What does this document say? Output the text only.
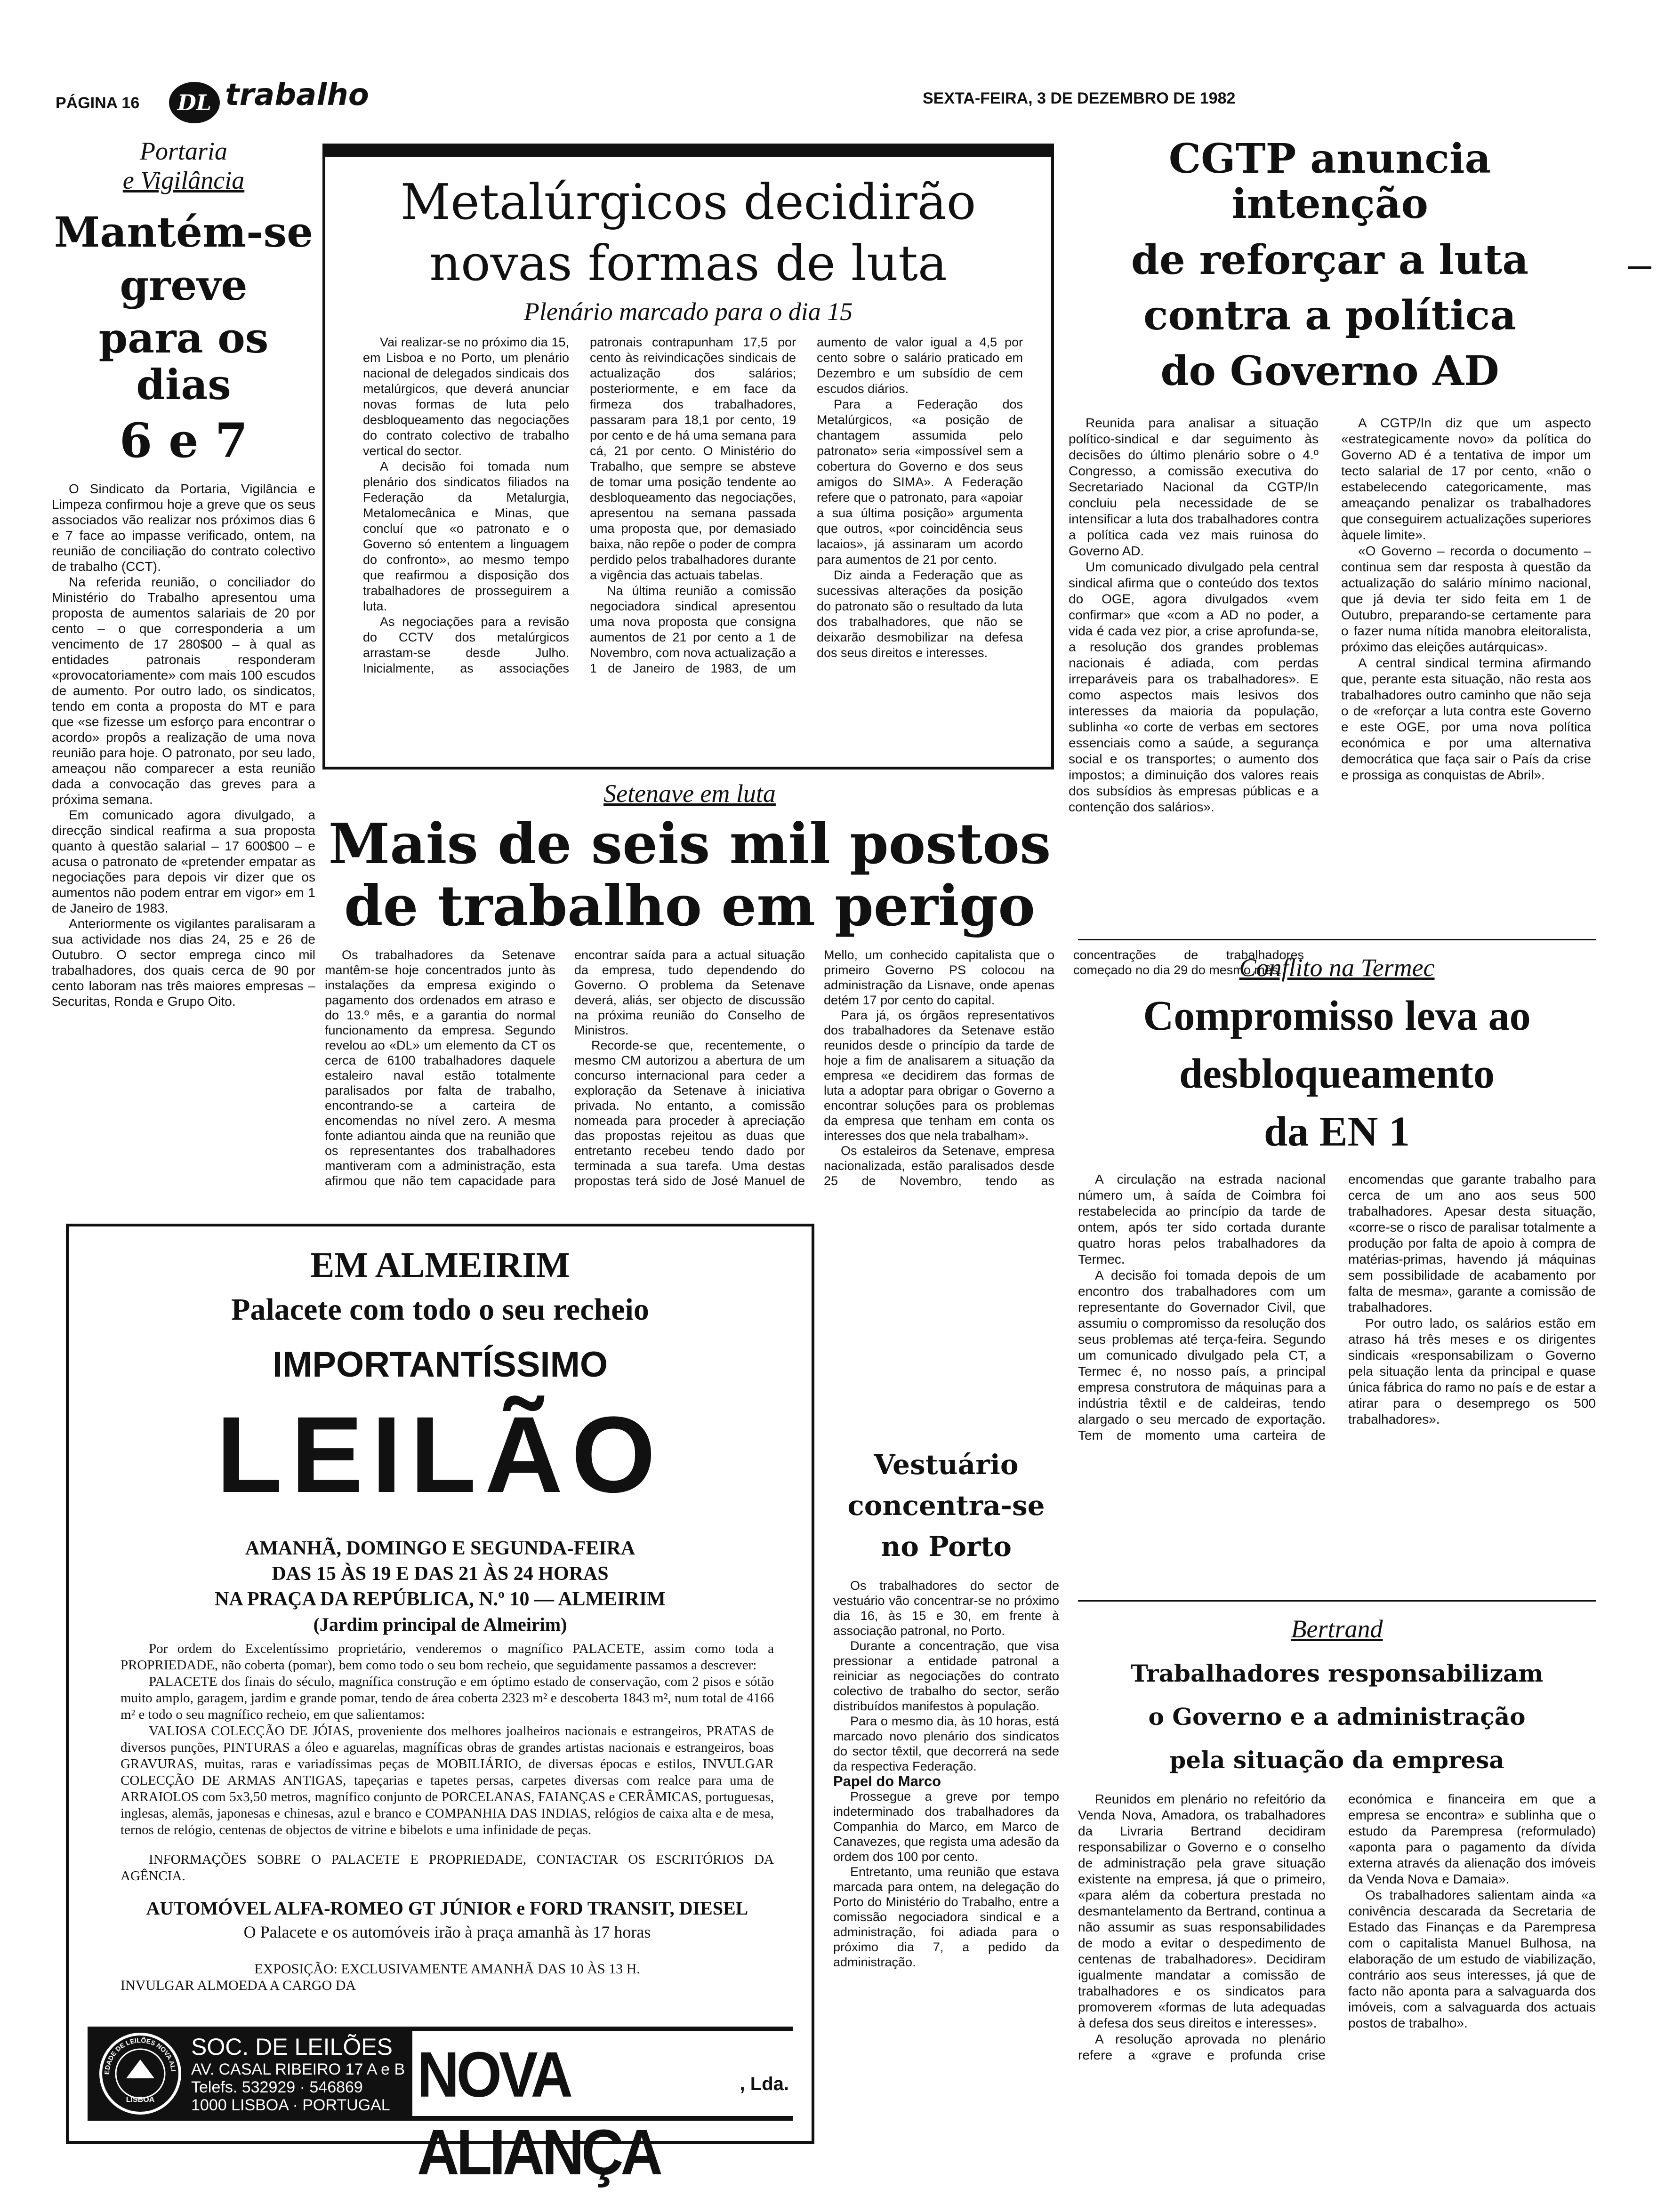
PÁGINA 16 DL trabalho	SEXTA-FEIRA, 3 DE DEZEMBRO DE 1982
Portaria
e Vigilância
Mantém-se
greve
para os dias
6 e 7

O Sindicato da Portaria, Vigilância e Limpeza confirmou hoje a greve que os seus associados vão realizar nos próximos dias 6 e 7 face ao impasse verificado, ontem, na reunião de conciliação do contrato colectivo de trabalho (CCT).

Na referida reunião, o conciliador do Ministério do Trabalho apresentou uma proposta de aumentos salariais de 20 por cento – o que corresponderia a um vencimento de 17 280$00 – à qual as entidades patronais responderam «provocatoriamente» com mais 100 escudos de aumento. Por outro lado, os sindicatos, tendo em conta a proposta do MT e para que «se fizesse um esforço para encontrar o acordo» propôs a realização de uma nova reunião para hoje. O patronato, por seu lado, ameaçou não comparecer a esta reunião dada a convocação das greves para a próxima semana.

Em comunicado agora divulgado, a direcção sindical reafirma a sua proposta quanto à questão salarial – 17 600$00 – e acusa o patronato de «pretender empatar as negociações para depois vir dizer que os aumentos não podem entrar em vigor» em 1 de Janeiro de 1983.

Anteriormente os vigilantes paralisaram a sua actividade nos dias 24, 25 e 26 de Outubro. O sector emprega cinco mil trabalhadores, dos quais cerca de 90 por cento laboram nas três maiores empresas – Securitas, Ronda e Grupo Oito.

Metalúrgicos decidirão
novas formas de luta
Plenário marcado para o dia 15

Vai realizar-se no próximo dia 15, em Lisboa e no Porto, um plenário nacional de delegados sindicais dos metalúrgicos, que deverá anunciar novas formas de luta pelo desbloqueamento das negociações do contrato colectivo de trabalho vertical do sector.

A decisão foi tomada num plenário dos sindicatos filiados na Federação da Metalurgia, Metalomecânica e Minas, que concluí que «o patronato e o Governo só ententem a linguagem do confronto», ao mesmo tempo que reafirmou a disposição dos trabalhadores de prosseguirem a luta.

As negociações para a revisão do CCTV dos metalúrgicos arrastam-se desde Julho. Inicialmente, as associações patronais contrapunham 17,5 por cento às reivindicações sindicais de actualização dos salários; posteriormente, e em face da firmeza dos trabalhadores, passaram para 18,1 por cento, 19 por cento e de há uma semana para cá, 21 por cento. O Ministério do Trabalho, que sempre se absteve de tomar uma posição tendente ao desbloqueamento das negociações, apresentou na semana passada uma proposta que, por demasiado baixa, não repõe o poder de compra perdido pelos trabalhadores durante a vigência das actuais tabelas.

Na última reunião a comissão negociadora sindical apresentou uma nova proposta que consigna aumentos de 21 por cento a 1 de Novembro, com nova actualização a 1 de Janeiro de 1983, de um aumento de valor igual a 4,5 por cento sobre o salário praticado em Dezembro e um subsídio de cem escudos diários.

Para a Federação dos Metalúrgicos, «a posição de chantagem assumida pelo patronato» seria «impossível sem a cobertura do Governo e dos seus amigos do SIMA». A Federação refere que o patronato, para «apoiar a sua última posição» argumenta que outros, «por coincidência seus lacaios», já assinaram um acordo para aumentos de 21 por cento.

Diz ainda a Federação que as sucessivas alterações da posição do patronato são o resultado da luta dos trabalhadores, que não se deixarão desmobilizar na defesa dos seus direitos e interesses.

CGTP anuncia intenção
de reforçar a luta
contra a política
do Governo AD

Reunida para analisar a situação político-sindical e dar seguimento às decisões do último plenário sobre o 4.º Congresso, a comissão executiva do Secretariado Nacional da CGTP/In concluiu pela necessidade de se intensificar a luta dos trabalhadores contra a política cada vez mais ruinosa do Governo AD.

Um comunicado divulgado pela central sindical afirma que o conteúdo dos textos do OGE, agora divulgados «vem confirmar» que «com a AD no poder, a vida é cada vez pior, a crise aprofunda-se, a resolução dos grandes problemas nacionais é adiada, com perdas irreparáveis para os trabalhadores». E como aspectos mais lesivos dos interesses da maioria da população, sublinha «o corte de verbas em sectores essenciais como a saúde, a segurança social e os transportes; o aumento dos impostos; a diminuição dos valores reais dos subsídios às empresas públicas e a contenção dos salários».

A CGTP/In diz que um aspecto «estrategicamente novo» da política do Governo AD é a tentativa de impor um tecto salarial de 17 por cento, «não o estabelecendo categoricamente, mas ameaçando penalizar os trabalhadores que conseguirem actualizações superiores àquele limite».

«O Governo – recorda o documento – continua sem dar resposta à questão da actualização do salário mínimo nacional, que já devia ter sido feita em 1 de Outubro, preparando-se certamente para o fazer numa nítida manobra eleitoralista, próximo das eleições autárquicas».

A central sindical termina afirmando que, perante esta situação, não resta aos trabalhadores outro caminho que não seja o de «reforçar a luta contra este Governo e este OGE, por uma nova política económica e por uma alternativa democrática que faça sair o País da crise e prossiga as conquistas de Abril».

Setenave em luta
Mais de seis mil postos
de trabalho em perigo

Os trabalhadores da Setenave mantêm-se hoje concentrados junto às instalações da empresa exigindo o pagamento dos ordenados em atraso e do 13.º mês, e a garantia do normal funcionamento da empresa. Segundo revelou ao «DL» um elemento da CT os cerca de 6100 trabalhadores daquele estaleiro naval estão totalmente paralisados por falta de trabalho, encontrando-se a carteira de encomendas no nível zero. A mesma fonte adiantou ainda que na reunião que os representantes dos trabalhadores mantiveram com a administração, esta afirmou que não tem capacidade para encontrar saída para a actual situação da empresa, tudo dependendo do Governo. O problema da Setenave deverá, aliás, ser objecto de discussão na próxima reunião do Conselho de Ministros.

Recorde-se que, recentemente, o mesmo CM autorizou a abertura de um concurso internacional para ceder a exploração da Setenave à iniciativa privada. No entanto, a comissão nomeada para proceder à apreciação das propostas rejeitou as duas que entretanto recebeu tendo dado por terminada a sua tarefa. Uma destas propostas terá sido de José Manuel de Mello, um conhecido capitalista que o primeiro Governo PS colocou na administração da Lisnave, onde apenas detém 17 por cento do capital.

Para já, os órgãos representativos dos trabalhadores da Setenave estão reunidos desde o princípio da tarde de hoje a fim de analisarem a situação da empresa «e decidirem das formas de luta a adoptar para obrigar o Governo a encontrar soluções para os problemas da empresa que tenham em conta os interesses dos que nela trabalham».

Os estaleiros da Setenave, empresa nacionalizada, estão paralisados desde 25 de Novembro, tendo as concentrações de trabalhadores começado no dia 29 do mesmo mês.

Conflito na Termec
Compromisso leva ao
desbloqueamento
da EN 1

A circulação na estrada nacional número um, à saída de Coimbra foi restabelecida ao princípio da tarde de ontem, após ter sido cortada durante quatro horas pelos trabalhadores da Termec.

A decisão foi tomada depois de um encontro dos trabalhadores com um representante do Governador Civil, que assumiu o compromisso da resolução dos seus problemas até terça-feira. Segundo um comunicado divulgado pela CT, a Termec é, no nosso país, a principal empresa construtora de máquinas para a indústria têxtil e de caldeiras, tendo alargado o seu mercado de exportação. Tem de momento uma carteira de encomendas que garante trabalho para cerca de um ano aos seus 500 trabalhadores. Apesar desta situação, «corre-se o risco de paralisar totalmente a produção por falta de apoio à compra de matérias-primas, havendo já máquinas sem possibilidade de acabamento por falta de mesma», garante a comissão de trabalhadores.

Por outro lado, os salários estão em atraso há três meses e os dirigentes sindicais «responsabilizam o Governo pela situação lenta da principal e quase única fábrica do ramo no país e de estar a atirar para o desemprego os 500 trabalhadores».

EM ALMEIRIM
Palacete com todo o seu recheio
IMPORTANTÍSSIMO
LEILÃO
AMANHÃ, DOMINGO E SEGUNDA-FEIRA
DAS 15 ÀS 19 E DAS 21 ÀS 24 HORAS
NA PRAÇA DA REPÚBLICA, N.º 10 — ALMEIRIM
(Jardim principal de Almeirim)

Por ordem do Excelentíssimo proprietário, venderemos o magnífico PALACETE, assim como toda a PROPRIEDADE, não coberta (pomar), bem como todo o seu bom recheio, que seguidamente passamos a descrever:

PALACETE dos finais do século, magnífica construção e em óptimo estado de conservação, com 2 pisos e sótão muito amplo, garagem, jardim e grande pomar, tendo de área coberta 2323 m² e descoberta 1843 m², num total de 4166 m² e todo o seu magnífico recheio, em que salientamos:

VALIOSA COLECÇÃO DE JÓIAS, proveniente dos melhores joalheiros nacionais e estrangeiros, PRATAS de diversos punções, PINTURAS a óleo e aguarelas, magníficas obras de grandes artistas nacionais e estrangeiros, boas GRAVURAS, muitas, raras e variadíssimas peças de MOBILIÁRIO, de diversas épocas e estilos, INVULGAR COLECÇÃO DE ARMAS ANTIGAS, tapeçarias e tapetes persas, carpetes diversas com realce para uma de ARRAIOLOS com 5x3,50 metros, magnífico conjunto de PORCELANAS, FAIANÇAS e CERÂMICAS, portuguesas, inglesas, alemãs, japonesas e chinesas, azul e branco e COMPANHIA DAS INDIAS, relógios de caixa alta e de mesa, ternos de relógio, centenas de objectos de vitrine e bibelots e uma infinidade de peças.

INFORMAÇÕES SOBRE O PALACETE E PROPRIEDADE, CONTACTAR OS ESCRITÓRIOS DA AGÊNCIA.

AUTOMÓVEL ALFA-ROMEO GT JÚNIOR e FORD TRANSIT, DIESEL

O Palacete e os automóveis irão à praça amanhã às 17 horas

EXPOSIÇÃO: EXCLUSIVAMENTE AMANHÃ DAS 10 ÀS 13 H.

INVULGAR ALMOEDA A CARGO DA

EDADE DE LEILÕES NOVA ALI
LISBOA
SOC. DE LEILÕES
AV. CASAL RIBEIRO 17 A e B
Telefs. 532929 · 546869
1000 LISBOA · PORTUGAL NOVA ALIANÇA
, Lda.
Vestuário
concentra-se
no Porto

Os trabalhadores do sector de vestuário vão concentrar-se no próximo dia 16, às 15 e 30, em frente à associação patronal, no Porto.

Durante a concentração, que visa pressionar a entidade patronal a reiniciar as negociações do contrato colectivo de trabalho do sector, serão distribuídos manifestos à população.

Para o mesmo dia, às 10 horas, está marcado novo plenário dos sindicatos do sector têxtil, que decorrerá na sede da respectiva Federação.

Papel do Marco

Prossegue a greve por tempo indeterminado dos trabalhadores da Companhia do Marco, em Marco de Canavezes, que regista uma adesão da ordem dos 100 por cento.

Entretanto, uma reunião que estava marcada para ontem, na delegação do Porto do Ministério do Trabalho, entre a comissão negociadora sindical e a administração, foi adiada para o próximo dia 7, a pedido da administração.

Bertrand
Trabalhadores responsabilizam
o Governo e a administração
pela situação da empresa

Reunidos em plenário no refeitório da Venda Nova, Amadora, os trabalhadores da Livraria Bertrand decidiram responsabilizar o Governo e o conselho de administração pela grave situação existente na empresa, já que o primeiro, «para além da cobertura prestada no desmantelamento da Bertrand, continua a não assumir as suas responsabilidades de modo a evitar o despedimento de centenas de trabalhadores». Decidiram igualmente mandatar a comissão de trabalhadores e os sindicatos para promoverem «formas de luta adequadas à defesa dos seus direitos e interesses».

A resolução aprovada no plenário refere a «grave e profunda crise económica e financeira em que a empresa se encontra» e sublinha que o estudo da Parempresa (reformulado) «aponta para o pagamento da dívida externa através da alienação dos imóveis da Venda Nova e Damaia».

Os trabalhadores salientam ainda «a conivência descarada da Secretaria de Estado das Finanças e da Parempresa com o capitalista Manuel Bulhosa, na elaboração de um estudo de viabilização, contrário aos seus interesses, já que de facto não aponta para a salvaguarda dos imóveis, com a salvaguarda dos actuais postos de trabalho».
